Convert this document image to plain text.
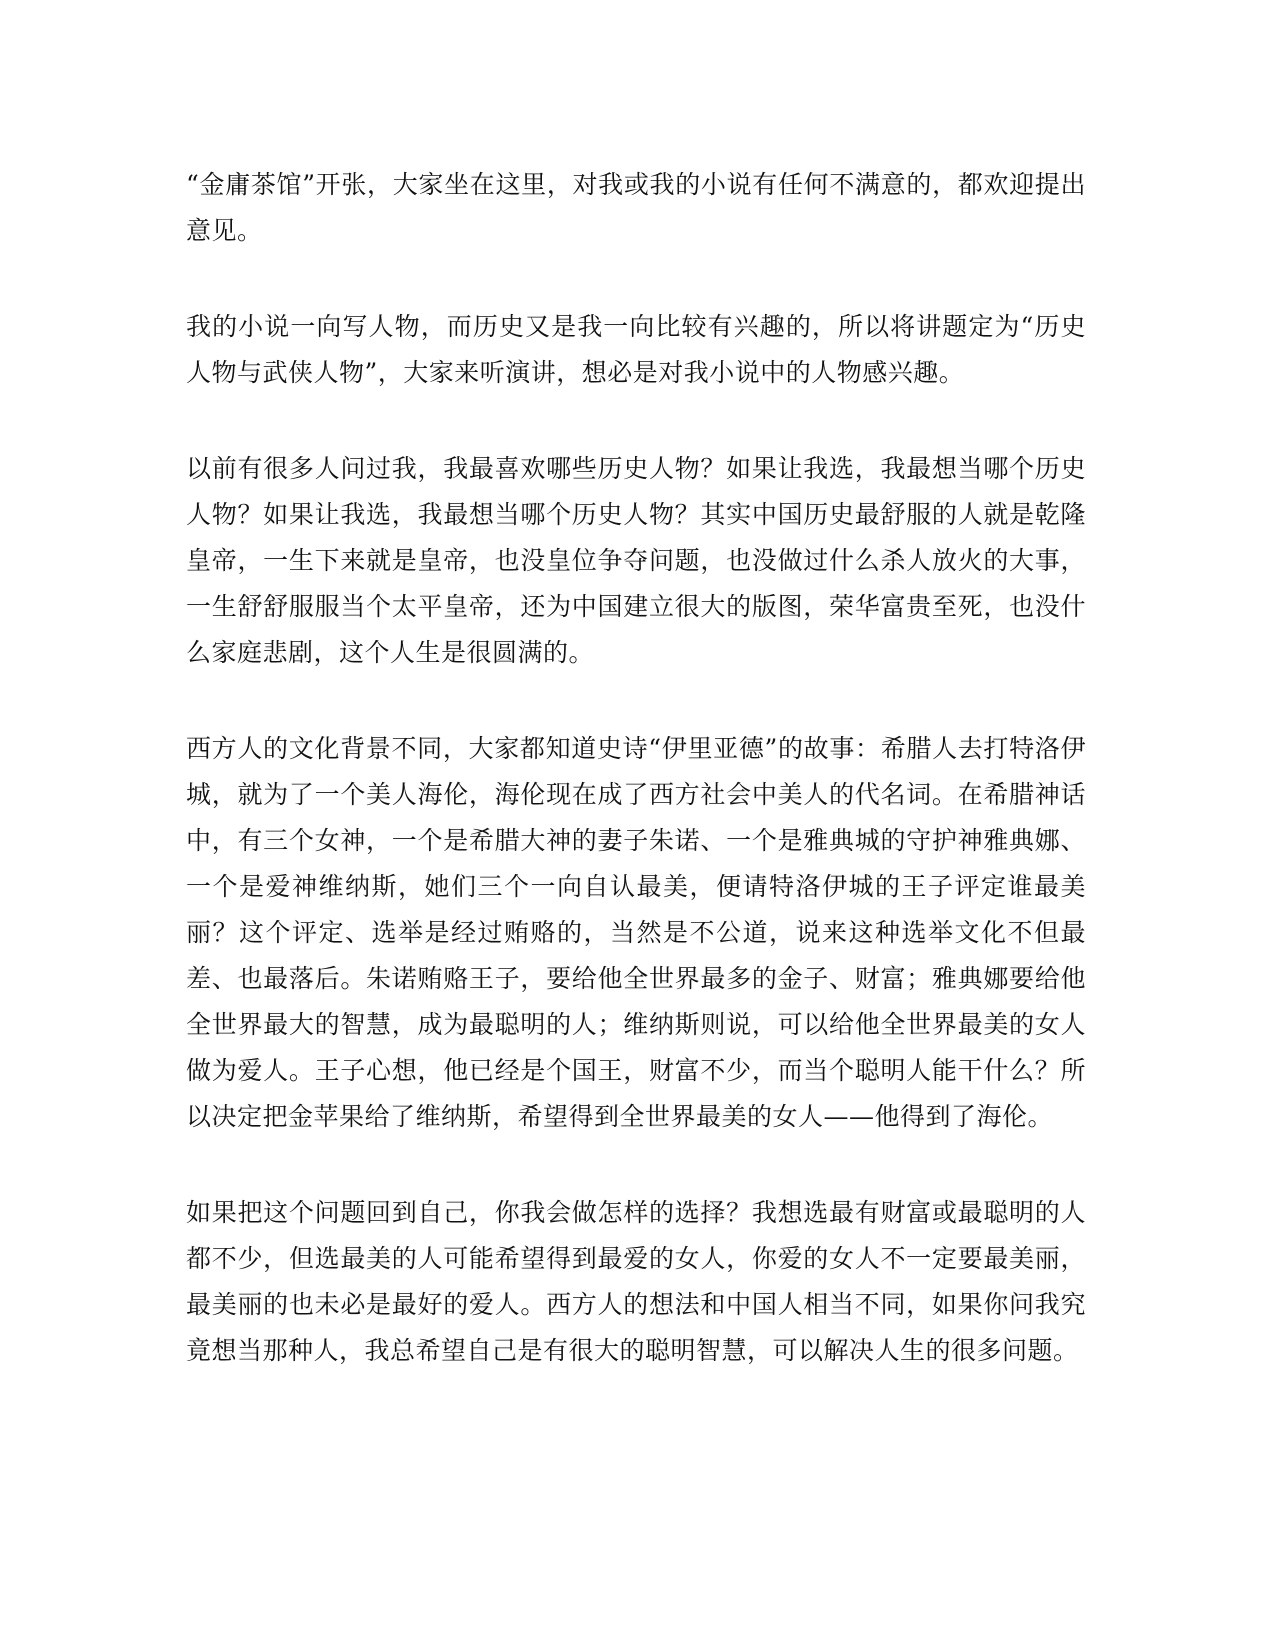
“金庸茶馆”开张，大家坐在这里，对我或我的小说有任何不满意的，都欢迎提出意见。

我的小说一向写人物，而历史又是我一向比较有兴趣的，所以将讲题定为“历史人物与武侠人物”，大家来听演讲，想必是对我小说中的人物感兴趣。

以前有很多人问过我，我最喜欢哪些历史人物？如果让我选，我最想当哪个历史人物？如果让我选，我最想当哪个历史人物？其实中国历史最舒服的人就是乾隆皇帝，一生下来就是皇帝，也没皇位争夺问题，也没做过什么杀人放火的大事，一生舒舒服服当个太平皇帝，还为中国建立很大的版图，荣华富贵至死，也没什么家庭悲剧，这个人生是很圆满的。

西方人的文化背景不同，大家都知道史诗“伊里亚德”的故事：希腊人去打特洛伊城，就为了一个美人海伦，海伦现在成了西方社会中美人的代名词。在希腊神话中，有三个女神，一个是希腊大神的妻子朱诺、一个是雅典城的守护神雅典娜、一个是爱神维纳斯，她们三个一向自认最美，便请特洛伊城的王子评定谁最美丽？这个评定、选举是经过贿赂的，当然是不公道，说来这种选举文化不但最差、也最落后。朱诺贿赂王子，要给他全世界最多的金子、财富；雅典娜要给他全世界最大的智慧，成为最聪明的人；维纳斯则说，可以给他全世界最美的女人做为爱人。王子心想，他已经是个国王，财富不少，而当个聪明人能干什么？所以决定把金苹果给了维纳斯，希望得到全世界最美的女人——他得到了海伦。

如果把这个问题回到自己，你我会做怎样的选择？我想选最有财富或最聪明的人都不少，但选最美的人可能希望得到最爱的女人，你爱的女人不一定要最美丽，最美丽的也未必是最好的爱人。西方人的想法和中国人相当不同，如果你问我究竟想当那种人，我总希望自己是有很大的聪明智慧，可以解决人生的很多问题。
